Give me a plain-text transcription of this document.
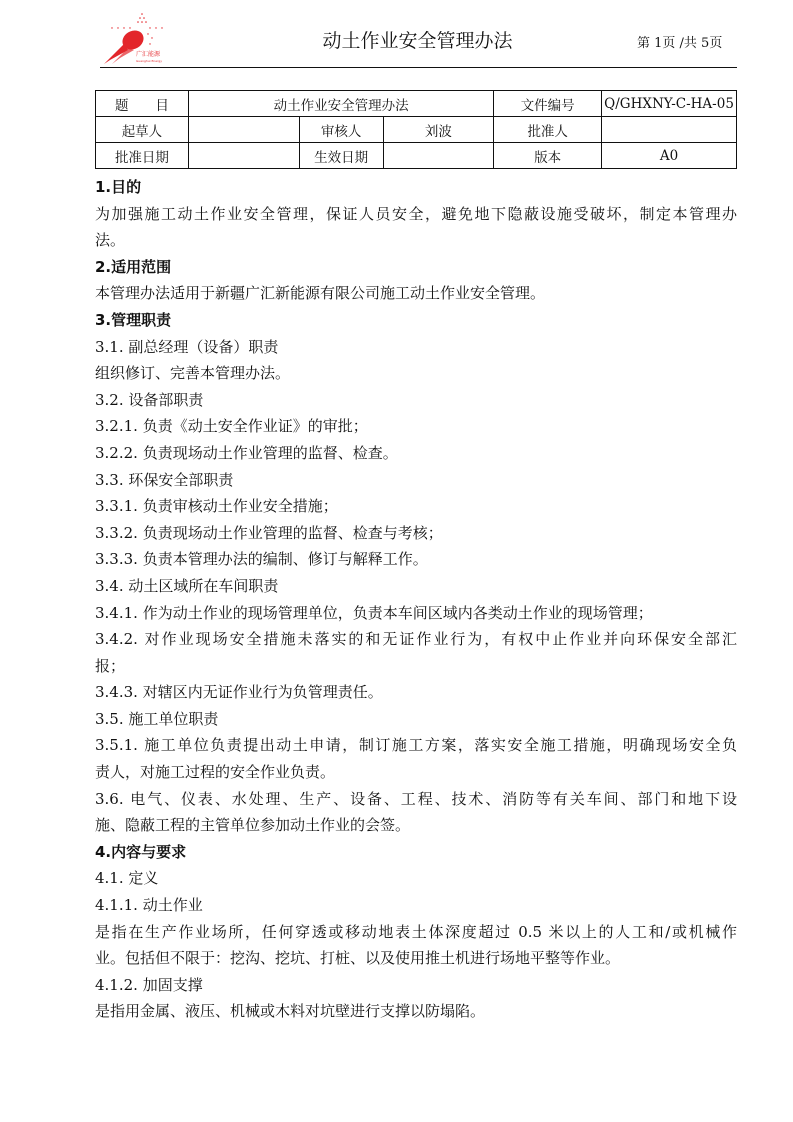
广汇能源
Guanghui Energy
动土作业安全管理办法	第 1页 /共 5页
题　　目	动土作业安全管理办法			文件编号	Q/GHXNY-C-HA-05
起草人		审核人	刘波	批准人	
批准日期		生效日期		版本	A0
1.目的
为加强施工动土作业安全管理，保证人员安全，避免地下隐蔽设施受破坏，制定本管理办
法。
2.适用范围
本管理办法适用于新疆广汇新能源有限公司施工动土作业安全管理。
3.管理职责
3.1. 副总经理（设备）职责
组织修订、完善本管理办法。
3.2. 设备部职责
3.2.1. 负责《动土安全作业证》的审批；
3.2.2. 负责现场动土作业管理的监督、检查。
3.3. 环保安全部职责
3.3.1. 负责审核动土作业安全措施；
3.3.2. 负责现场动土作业管理的监督、检查与考核；
3.3.3. 负责本管理办法的编制、修订与解释工作。
3.4. 动土区域所在车间职责
3.4.1. 作为动土作业的现场管理单位，负责本车间区域内各类动土作业的现场管理；
3.4.2. 对作业现场安全措施未落实的和无证作业行为，有权中止作业并向环保安全部汇
报；
3.4.3. 对辖区内无证作业行为负管理责任。
3.5. 施工单位职责
3.5.1. 施工单位负责提出动土申请，制订施工方案，落实安全施工措施，明确现场安全负
责人，对施工过程的安全作业负责。
3.6. 电气、仪表、水处理、生产、设备、工程、技术、消防等有关车间、部门和地下设
施、隐蔽工程的主管单位参加动土作业的会签。
4.内容与要求
4.1. 定义
4.1.1. 动土作业
是指在生产作业场所，任何穿透或移动地表土体深度超过 0.5 米以上的人工和/或机械作
业。包括但不限于：挖沟、挖坑、打桩、以及使用推土机进行场地平整等作业。
4.1.2. 加固支撑
是指用金属、液压、机械或木料对坑壁进行支撑以防塌陷。
